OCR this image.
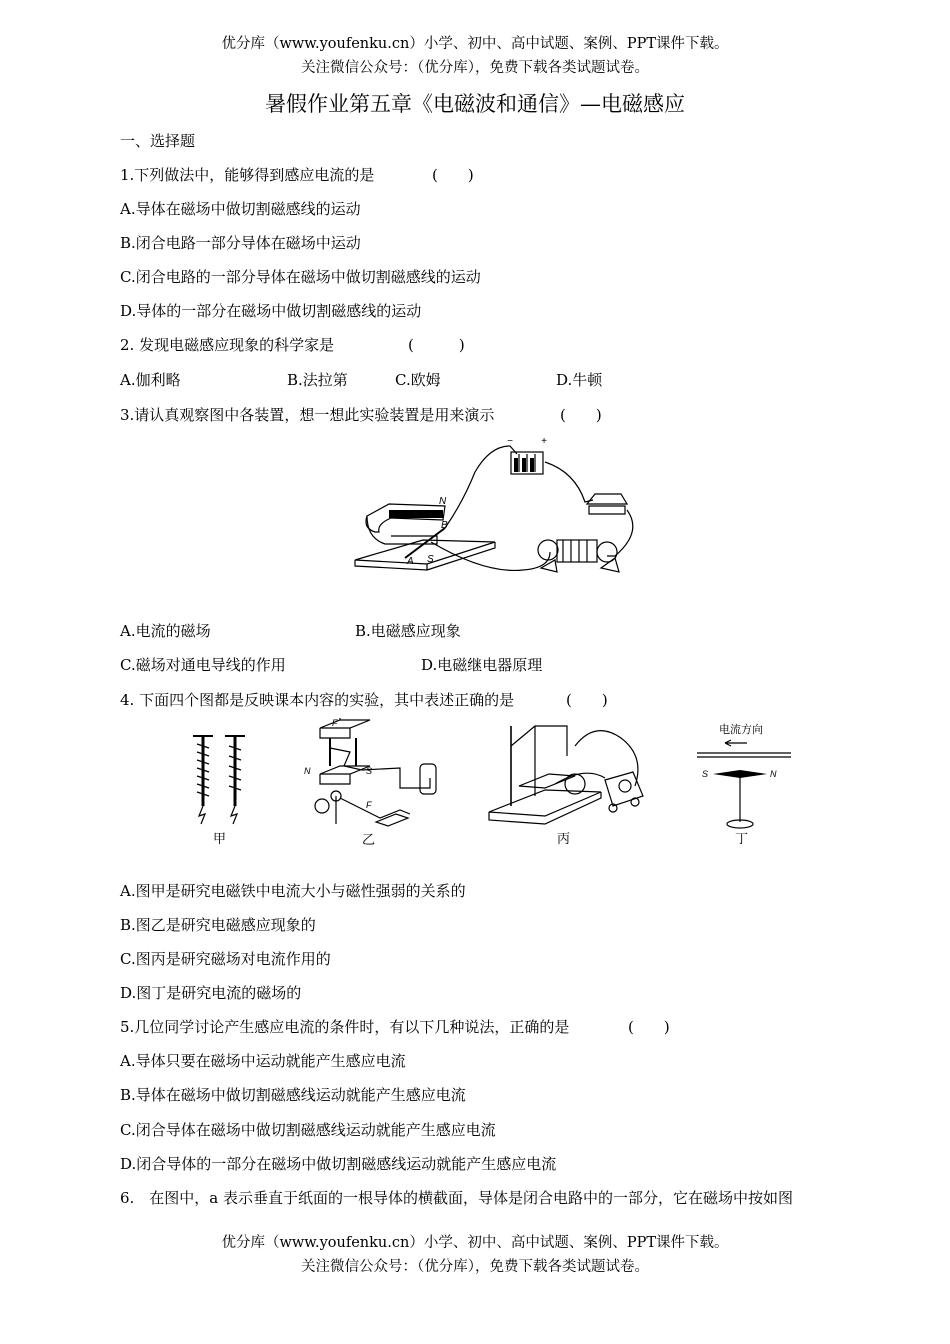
优分库（www.youfenku.cn）小学、初中、高中试题、案例、PPT课件下载。
关注微信公众号：（优分库），免费下载各类试题试卷。
暑假作业第五章《电磁波和通信》—电磁感应
一、选择题
1.下列做法中，能够得到感应电流的是	(　　)
A.导体在磁场中做切割磁感线的运动
B.闭合电路一部分导体在磁场中运动
C.闭合电路的一部分导体在磁场中做切割磁感线的运动
D.导体的一部分在磁场中做切割磁感线的运动
2. 发现电磁感应现象的科学家是	(　　　)
A.伽利略	B.法拉第	C.欧姆	D.牛顿
3.请认真观察图中各装置，想一想此实验装置是用来演示	(　　)
−	+
N
B
A S
A.电流的磁场	B.电磁感应现象
C.磁场对通电导线的作用	D.电磁继电器原理
4. 下面四个图都是反映课本内容的实验，其中表述正确的是	(　　)
甲
F
N	S
F
乙	丙
电流方向
S	N
丁
A.图甲是研究电磁铁中电流大小与磁性强弱的关系的
B.图乙是研究电磁感应现象的
C.图丙是研究磁场对电流作用的
D.图丁是研究电流的磁场的
5.几位同学讨论产生感应电流的条件时，有以下几种说法，正确的是	(　　)
A.导体只要在磁场中运动就能产生感应电流
B.导体在磁场中做切割磁感线运动就能产生感应电流
C.闭合导体在磁场中做切割磁感线运动就能产生感应电流
D.闭合导体的一部分在磁场中做切割磁感线运动就能产生感应电流
6.　在图中，a 表示垂直于纸面的一根导体的横截面，导体是闭合电路中的一部分，它在磁场中按如图
优分库（www.youfenku.cn）小学、初中、高中试题、案例、PPT课件下载。
关注微信公众号：（优分库），免费下载各类试题试卷。
